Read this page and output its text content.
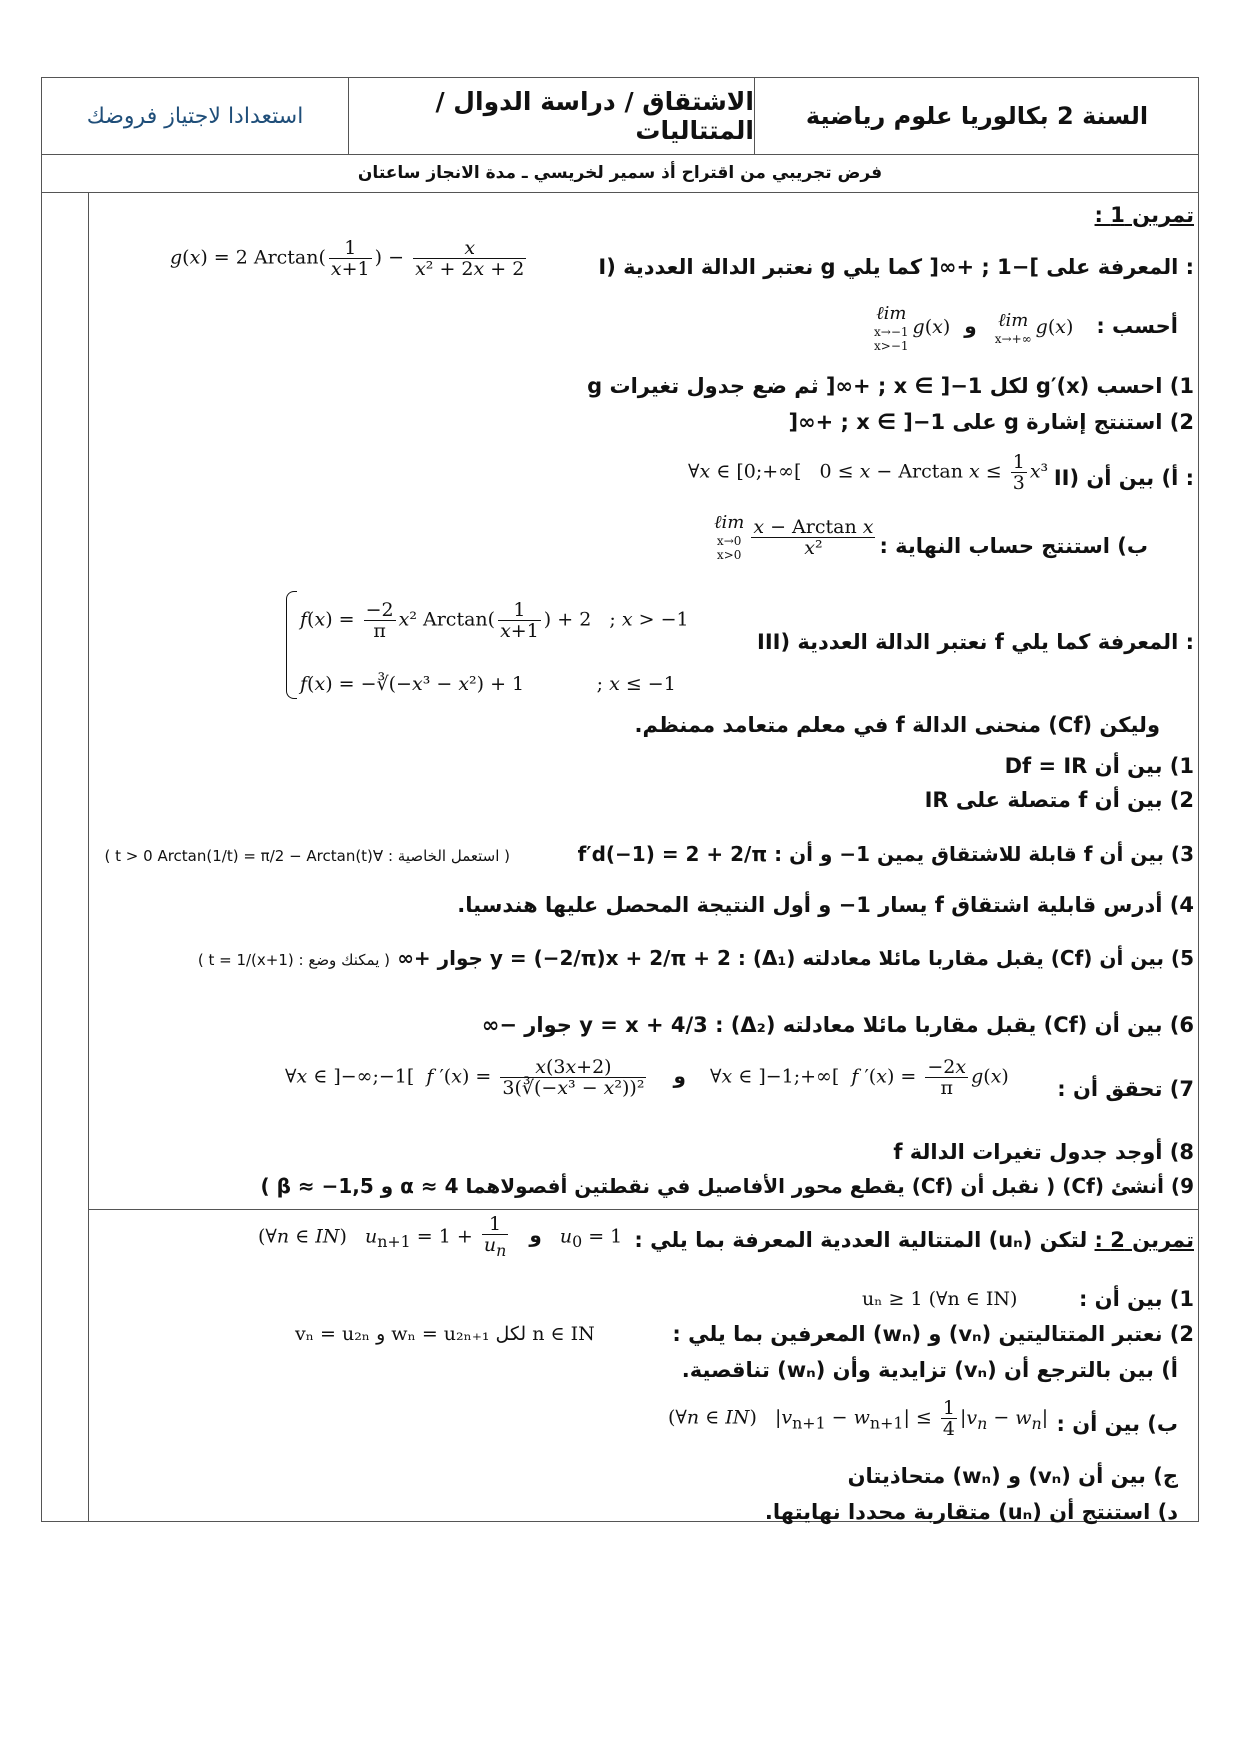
السنة 2 بكالوريا علوم رياضية
الاشتقاق / دراسة الدوال / المتتاليات
استعدادا لاجتياز فروضك
فرض تجريبي من اقتراح أذ سمير لخريسي ـ مدة الانجاز ساعتان
تمرين 1 :
I) نعتبر الدالة العددية g المعرفة على ]−1 ; +∞[ كما يلي :
g(x) = 2 $Arctan( \frac{1}{x+1}$ ) − $\frac{x}{\text{x² + 2x + 2}}$
أحسب :
ℓim
x→−1
x>−1g(x) و ℓim
x→+∞g(x)
1) احسب g′(x) لكل x ∈ ]−1 ; +∞[ ثم ضع جدول تغيرات g
2) استنتج إشارة g على x ∈ ]−1 ; +∞[
II) أ) بين أن :
∀x ∈ [0;+∞[   0 ≤ x − Arctan $x \le \frac{1}{3} x^3$
ب) استنتج حساب النهاية :
ℓim
x→0
$x>0 \frac{\text{x − Arctan x}}{\text{x²}}$
III) نعتبر الدالة العددية f المعرفة كما يلي :
$f(x) = \frac{-2}{\pi} x^2$ $Arctan( \frac{1}{x+1}$ ) + 2   ; x > −1
f(x) = −∛(−x³ − x²) + 1            ; x ≤ −1
وليكن (Cf) منحنى الدالة f في معلم متعامد ممنظم.
1) بين أن Df = IR
2) بين أن f متصلة على IR
3) بين أن f قابلة للاشتقاق يمين 1− و أن : f′d(−1) = 2 + 2/π
( استعمل الخاصية : ∀t > 0 Arctan(1/t) = π/2 − Arctan(t) )
4) أدرس قابلية اشتقاق f يسار 1− و أول النتيجة المحصل عليها هندسيا.
5) بين أن (Cf) يقبل مقاربا مائلا معادلته (Δ₁) : y = (−2/π)x + 2/π + 2 جوار +∞
( يمكنك وضع : t = 1/(x+1) )
6) بين أن (Cf) يقبل مقاربا مائلا معادلته (Δ₂) : y = x + 4/3 جوار −∞
7) تحقق أن :
∀x ∈ ]−∞;−1[  f $'(x) = \frac{x(3x+2)}{\text{3(∛(−x³ − x²))²}}$ و ∀x ∈ ]−1;+∞[  f $'(x) = \frac{-2x}{\pi} g(x)$
8) أوجد جدول تغيرات الدالة f
9) أنشئ (Cf) ( نقبل أن (Cf) يقطع محور الأفاصيل في نقطتين أفصولاهما α ≈ 4 و β ≈ −1,5 )
تمرين 2 : لتكن (uₙ) المتتالية العددية المعرفة بما يلي :
(∀n ∈ IN)   $u_{n+1} = 1 + \frac{1}{u_n}$ و $u_0 = 1$
1) بين أن :
uₙ ≥ 1 (∀n ∈ IN)
2) نعتبر المتتاليتين (vₙ) و (wₙ) المعرفين بما يلي :
vₙ = u₂ₙ و wₙ = u₂ₙ₊₁ لكل n ∈ IN
أ) بين بالترجع أن (vₙ) تزايدية وأن (wₙ) تناقصية.
ب) بين أن :
(∀n ∈ IN)   $|v_{n+1} - w_{n+1}| \le \frac{1}{4} |v_n - w_n|$
ج) بين أن (vₙ) و (wₙ) متحاذيتان
د) استنتج أن (uₙ) متقاربة محددا نهايتها.
